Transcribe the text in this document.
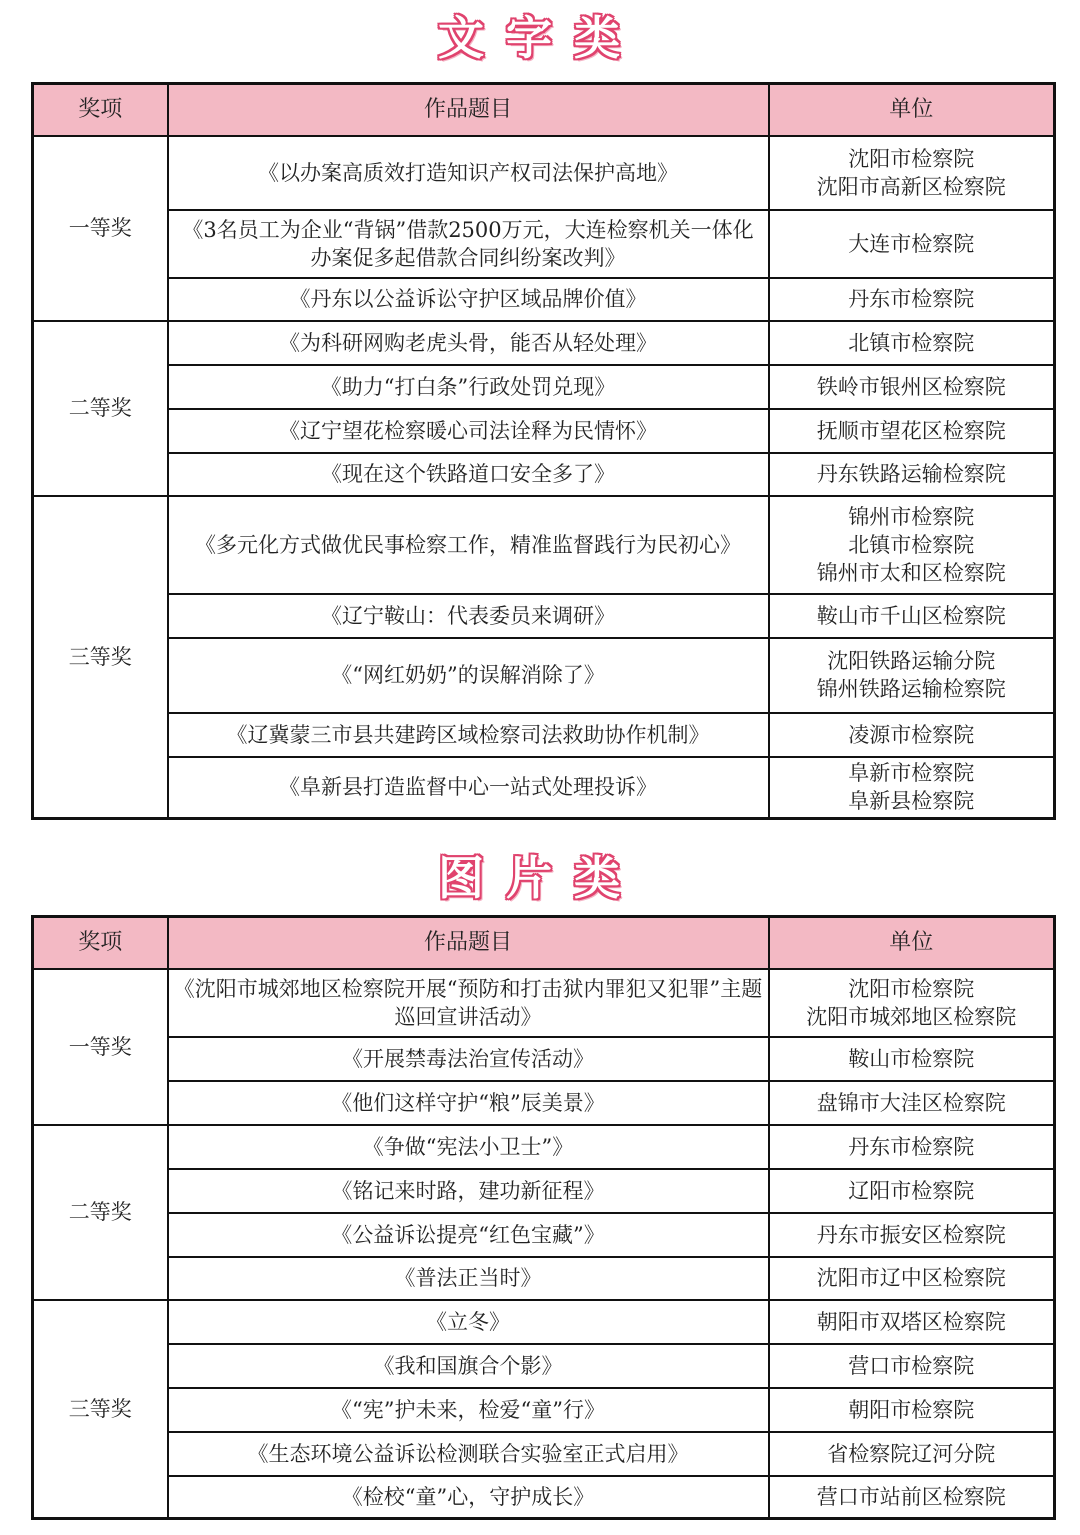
文字类
奖项	作品题目	单位
一等奖	《以办案高质效打造知识产权司法保护高地》	沈阳市检察院
沈阳市高新区检察院

	《3名员工为企业“背锅”借款2500万元，大连检察机关一体化办案促多起借款合同纠纷案改判》	大连市检察院

	《丹东以公益诉讼守护区域品牌价值》	丹东市检察院

二等奖	《为科研网购老虎头骨，能否从轻处理》	北镇市检察院

	《助力“打白条”行政处罚兑现》	铁岭市银州区检察院

	《辽宁望花检察暖心司法诠释为民情怀》	抚顺市望花区检察院

	《现在这个铁路道口安全多了》	丹东铁路运输检察院

三等奖	《多元化方式做优民事检察工作，精准监督践行为民初心》	锦州市检察院
北镇市检察院
锦州市太和区检察院

	《辽宁鞍山：代表委员来调研》	鞍山市千山区检察院

	《“网红奶奶”的误解消除了》	沈阳铁路运输分院
锦州铁路运输检察院

	《辽冀蒙三市县共建跨区域检察司法救助协作机制》	凌源市检察院

	《阜新县打造监督中心一站式处理投诉》	阜新市检察院
阜新县检察院
图片类
奖项	作品题目	单位
一等奖	《沈阳市城郊地区检察院开展“预防和打击狱内罪犯又犯罪”主题巡回宣讲活动》	沈阳市检察院
沈阳市城郊地区检察院

	《开展禁毒法治宣传活动》	鞍山市检察院

	《他们这样守护“粮”辰美景》	盘锦市大洼区检察院

二等奖	《争做“宪法小卫士”》	丹东市检察院

	《铭记来时路，建功新征程》	辽阳市检察院

	《公益诉讼提亮“红色宝藏”》	丹东市振安区检察院

	《普法正当时》	沈阳市辽中区检察院

三等奖	《立冬》	朝阳市双塔区检察院

	《我和国旗合个影》	营口市检察院

	《“宪”护未来，检爱“童”行》	朝阳市检察院

	《生态环境公益诉讼检测联合实验室正式启用》	省检察院辽河分院

	《检校“童”心，守护成长》	营口市站前区检察院
